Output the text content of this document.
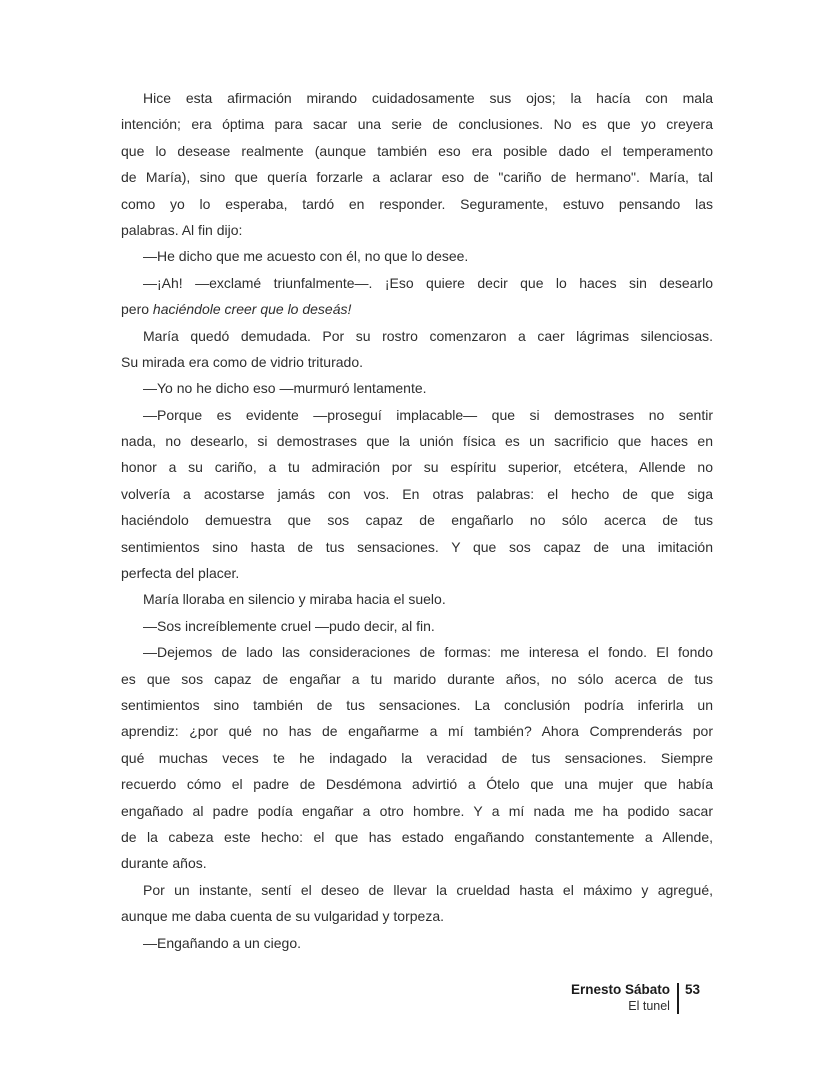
Hice esta afirmación mirando cuidadosamente sus ojos; la hacía con mala
intención; era óptima para sacar una serie de conclusiones. No es que yo creyera
que lo desease realmente (aunque también eso era posible dado el temperamento
de María), sino que quería forzarle a aclarar eso de "cariño de hermano". María, tal
como yo lo esperaba, tardó en responder. Seguramente, estuvo pensando las
palabras. Al fin dijo:
—He dicho que me acuesto con él, no que lo desee.
—¡Ah! —exclamé triunfalmente—. ¡Eso quiere decir que lo haces sin desearlo
pero haciéndole creer que lo deseás!
María quedó demudada. Por su rostro comenzaron a caer lágrimas silenciosas.
Su mirada era como de vidrio triturado.
—Yo no he dicho eso —murmuró lentamente.
—Porque es evidente —proseguí implacable— que si demostrases no sentir
nada, no desearlo, si demostrases que la unión física es un sacrificio que haces en
honor a su cariño, a tu admiración por su espíritu superior, etcétera, Allende no
volvería a acostarse jamás con vos. En otras palabras: el hecho de que siga
haciéndolo demuestra que sos capaz de engañarlo no sólo acerca de tus
sentimientos sino hasta de tus sensaciones. Y que sos capaz de una imitación
perfecta del placer.
María lloraba en silencio y miraba hacia el suelo.
—Sos increíblemente cruel —pudo decir, al fin.
—Dejemos de lado las consideraciones de formas: me interesa el fondo. El fondo
es que sos capaz de engañar a tu marido durante años, no sólo acerca de tus
sentimientos sino también de tus sensaciones. La conclusión podría inferirla un
aprendiz: ¿por qué no has de engañarme a mí también? Ahora Comprenderás por
qué muchas veces te he indagado la veracidad de tus sensaciones. Siempre
recuerdo cómo el padre de Desdémona advirtió a Ótelo que una mujer que había
engañado al padre podía engañar a otro hombre. Y a mí nada me ha podido sacar
de la cabeza este hecho: el que has estado engañando constantemente a Allende,
durante años.
Por un instante, sentí el deseo de llevar la crueldad hasta el máximo y agregué,
aunque me daba cuenta de su vulgaridad y torpeza.
—Engañando a un ciego.
Ernesto Sábato
El tunel
53
